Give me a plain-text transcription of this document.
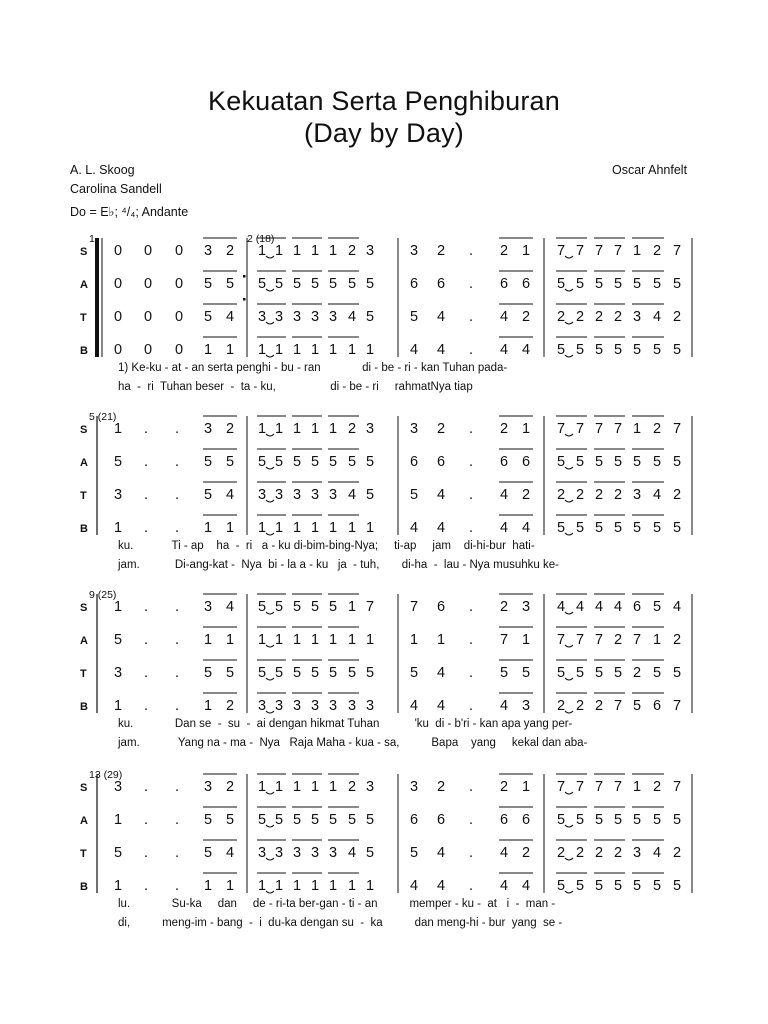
Kekuatan Serta Penghiburan
(Day by Day)
A. L. Skoog
Carolina Sandell
Do = E♭; ⁴/₄; Andante
Oscar Ahnfelt
1	2 (18)
S 0 0 0 3 2 1 1 1 1 1 2 3 3 2 . 2 1 7 7 7 7 1 2 7
A 0 0 0 5 5 5 5 5 5 5 5 5 6 6 . 6 6 5 5 5 5 5 5 5
T 0 0 0 5 4 3 3 3 3 3 4 5 5 4 . 4 2 2 2 2 2 3 4 2
B 0 0 0 1 1 1 1 1 1 1 1 1 4 4 . 4 4 5 5 5 5 5 5 5
1) Ke-ku - at - an serta penghi - bu - ran             di - be - ri - kan Tuhan pada-
ha  -  ri  Tuhan beser  -  ta - ku,                 di - be - ri     rahmatNya tiap
5 (21)
S 1 . . 3 2 1 1 1 1 1 2 3 3 2 . 2 1 7 7 7 7 1 2 7
A 5 . . 5 5 5 5 5 5 5 5 5 6 6 . 6 6 5 5 5 5 5 5 5
T 3 . . 5 4 3 3 3 3 3 4 5 5 4 . 4 2 2 2 2 2 3 4 2
B 1 . . 1 1 1 1 1 1 1 1 1 4 4 . 4 4 5 5 5 5 5 5 5
ku.            Ti - ap    ha  -  ri   a - ku di-bim-bing-Nya;     ti-ap     jam    di-hi-bur  hati-
jam.           Di-ang-kat -  Nya  bi - la a - ku   ja  - tuh,       di-ha  -  lau - Nya musuhku ke-
9 (25)
S 1 . . 3 4 5 5 5 5 5 1 7 7 6 . 2 3 4 4 4 4 6 5 4
A 5 . . 1 1 1 1 1 1 1 1 1 1 1 . 7 1 7 7 7 2 7 1 2
T 3 . . 5 5 5 5 5 5 5 5 5 5 4 . 5 5 5 5 5 5 2 5 5
B 1 . . 1 2 3 3 3 3 3 3 3 4 4 . 4 3 2 2 2 7 5 6 7
ku.             Dan se  -  su  -  ai dengan hikmat Tuhan           'ku  di - b'ri - kan apa yang per-
jam.            Yang na - ma -  Nya   Raja Maha - kua - sa,          Bapa    yang     kekal dan aba-
13 (29)
S 3 . . 3 2 1 1 1 1 1 2 3 3 2 . 2 1 7 7 7 7 1 2 7
A 1 . . 5 5 5 5 5 5 5 5 5 6 6 . 6 6 5 5 5 5 5 5 5
T 5 . . 5 4 3 3 3 3 3 4 5 5 4 . 4 2 2 2 2 2 3 4 2
B 1 . . 1 1 1 1 1 1 1 1 1 4 4 . 4 4 5 5 5 5 5 5 5
lu.             Su-ka     dan     de - ri-ta ber-gan - ti - an          memper - ku -  at   i  -  man -
di,          meng-im - bang  -  i  du-ka dengan su  -  ka          dan meng-hi - bur  yang  se -
